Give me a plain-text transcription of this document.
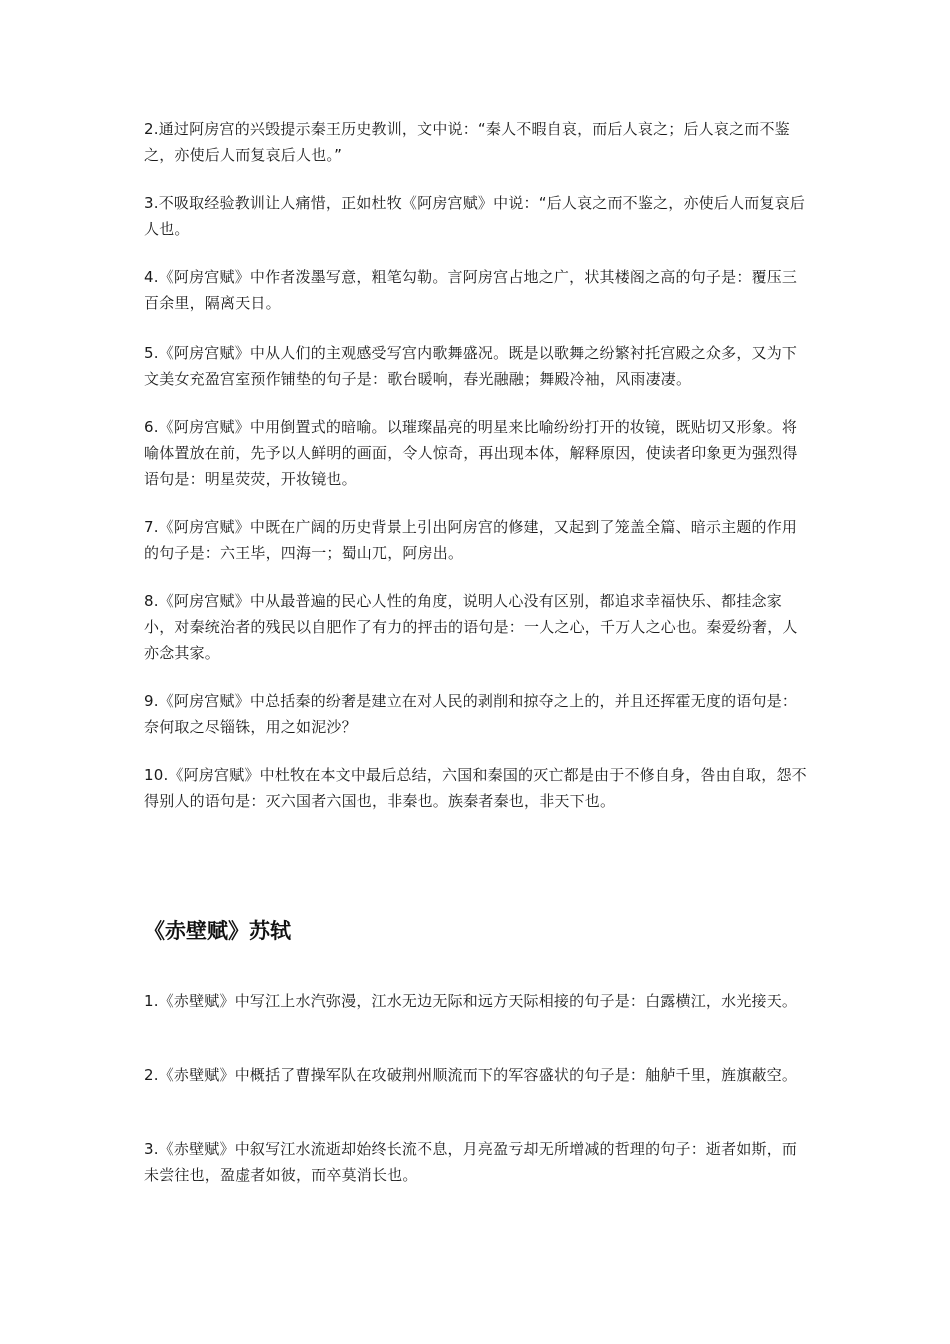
2.通过阿房宫的兴毁提示秦王历史教训，文中说：“秦人不暇自哀，而后人哀之；后人哀之而不鉴之，亦使后人而复哀后人也。”

3.不吸取经验教训让人痛惜，正如杜牧《阿房宫赋》中说：“后人哀之而不鉴之，亦使后人而复哀后人也。

4.《阿房宫赋》中作者泼墨写意，粗笔勾勒。言阿房宫占地之广，状其楼阁之高的句子是：覆压三百余里，隔离天日。

5.《阿房宫赋》中从人们的主观感受写宫内歌舞盛况。既是以歌舞之纷繁衬托宫殿之众多，又为下文美女充盈宫室预作铺垫的句子是：歌台暖响，春光融融；舞殿冷袖，风雨凄凄。

6.《阿房宫赋》中用倒置式的暗喻。以璀璨晶亮的明星来比喻纷纷打开的妆镜，既贴切又形象。将喻体置放在前，先予以人鲜明的画面，令人惊奇，再出现本体，解释原因，使读者印象更为强烈得语句是：明星荧荧，开妆镜也。

7.《阿房宫赋》中既在广阔的历史背景上引出阿房宫的修建，又起到了笼盖全篇、暗示主题的作用的句子是：六王毕，四海一；蜀山兀，阿房出。

8.《阿房宫赋》中从最普遍的民心人性的角度，说明人心没有区别，都追求幸福快乐、都挂念家小，对秦统治者的残民以自肥作了有力的抨击的语句是：一人之心，千万人之心也。秦爱纷奢，人亦念其家。

9.《阿房宫赋》中总括秦的纷奢是建立在对人民的剥削和掠夺之上的，并且还挥霍无度的语句是：奈何取之尽锱铢，用之如泥沙？

10.《阿房宫赋》中杜牧在本文中最后总结，六国和秦国的灭亡都是由于不修自身，咎由自取，怨不得别人的语句是：灭六国者六国也，非秦也。族秦者秦也，非天下也。

《赤壁赋》苏轼

1.《赤壁赋》中写江上水汽弥漫，江水无边无际和远方天际相接的句子是：白露横江，水光接天。

2.《赤壁赋》中概括了曹操军队在攻破荆州顺流而下的军容盛状的句子是：舳舻千里，旌旗蔽空。

3.《赤壁赋》中叙写江水流逝却始终长流不息，月亮盈亏却无所增减的哲理的句子：逝者如斯，而未尝往也，盈虚者如彼，而卒莫消长也。
